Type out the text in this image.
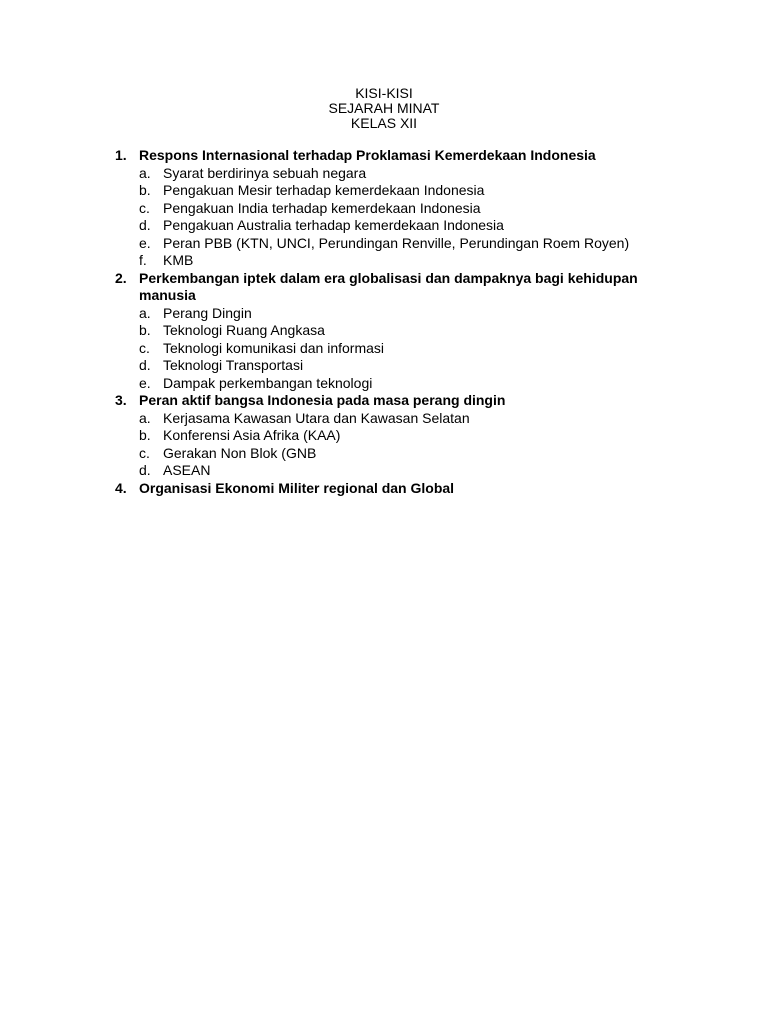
KISI-KISI
SEJARAH MINAT
KELAS XII
1. Respons Internasional terhadap Proklamasi Kemerdekaan Indonesia
a. Syarat berdirinya sebuah negara
b. Pengakuan Mesir terhadap kemerdekaan Indonesia
c. Pengakuan India terhadap kemerdekaan Indonesia
d. Pengakuan Australia terhadap kemerdekaan Indonesia
e. Peran PBB (KTN, UNCI, Perundingan Renville, Perundingan Roem Royen)
f. KMB
2. Perkembangan iptek dalam era globalisasi dan dampaknya bagi kehidupan manusia
a. Perang Dingin
b. Teknologi Ruang Angkasa
c. Teknologi komunikasi dan informasi
d. Teknologi Transportasi
e. Dampak perkembangan teknologi
3. Peran aktif bangsa Indonesia pada masa perang dingin
a. Kerjasama Kawasan Utara dan Kawasan Selatan
b. Konferensi Asia Afrika (KAA)
c. Gerakan Non Blok (GNB
d. ASEAN
4. Organisasi Ekonomi Militer regional dan Global
